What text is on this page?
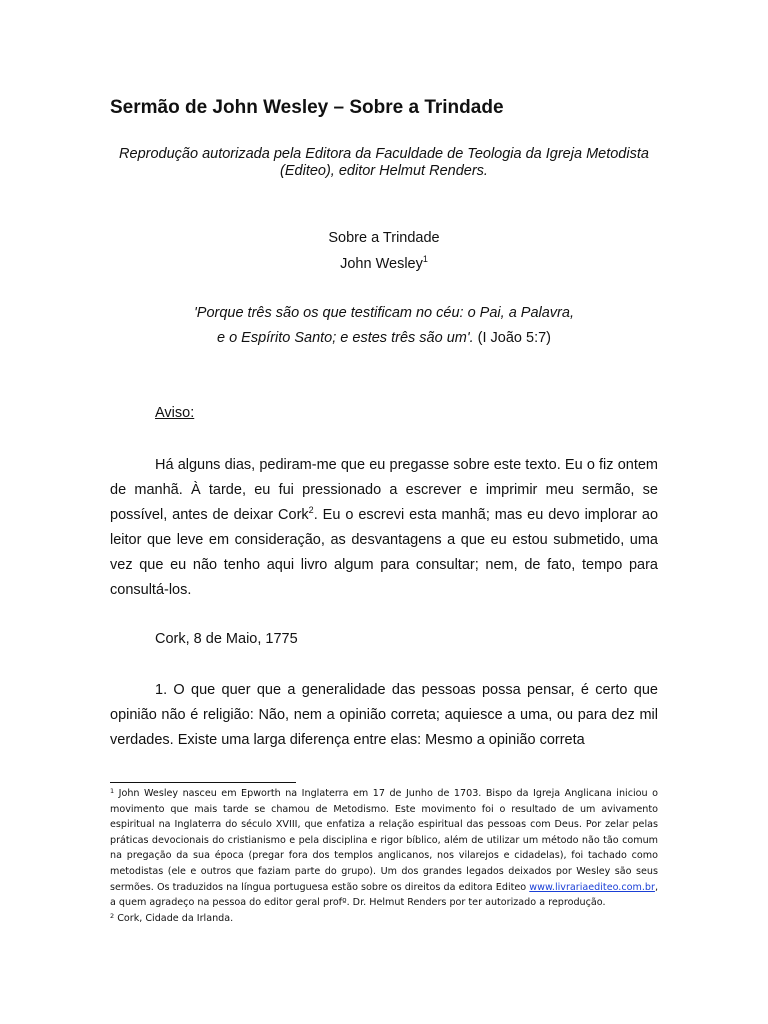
Sermão de John Wesley – Sobre a Trindade

Reprodução autorizada pela Editora da Faculdade de Teologia da Igreja Metodista (Editeo), editor Helmut Renders.

Sobre a Trindade

John Wesley$^1$

'Porque três são os que testificam no céu: o Pai, a Palavra,

e o Espírito Santo; e estes três são um'. (I João 5:7)

Aviso:

Há alguns dias, pediram-me que eu pregasse sobre este texto. Eu o fiz ontem de manhã. À tarde, eu fui pressionado a escrever e imprimir meu sermão, se possível, antes de deixar Cork$^2$. Eu o escrevi esta manhã; mas eu devo implorar ao leitor que leve em consideração, as desvantagens a que eu estou submetido, uma vez que eu não tenho aqui livro algum para consultar; nem, de fato, tempo para consultá-los.

Cork, 8 de Maio, 1775

1. O que quer que a generalidade das pessoas possa pensar, é certo que opinião não é religião: Não, nem a opinião correta; aquiesce a uma, ou para dez mil verdades. Existe uma larga diferença entre elas: Mesmo a opinião correta

$^1$ John Wesley nasceu em Epworth na Inglaterra em 17 de Junho de 1703. Bispo da Igreja Anglicana iniciou o movimento que mais tarde se chamou de Metodismo. Este movimento foi o resultado de um avivamento espiritual na Inglaterra do século XVIII, que enfatiza a relação espiritual das pessoas com Deus. Por zelar pelas práticas devocionais do cristianismo e pela disciplina e rigor bíblico, além de utilizar um método não tão comum na pregação da sua época (pregar fora dos templos anglicanos, nos vilarejos e cidadelas), foi tachado como metodistas (ele e outros que faziam parte do grupo). Um dos grandes legados deixados por Wesley são seus sermões. Os traduzidos na língua portuguesa estão sobre os direitos da editora Editeo www.livrariaediteo.com.br, a quem agradeço na pessoa do editor geral profº. Dr. Helmut Renders por ter autorizado a reprodução.

$^2$ Cork, Cidade da Irlanda.
